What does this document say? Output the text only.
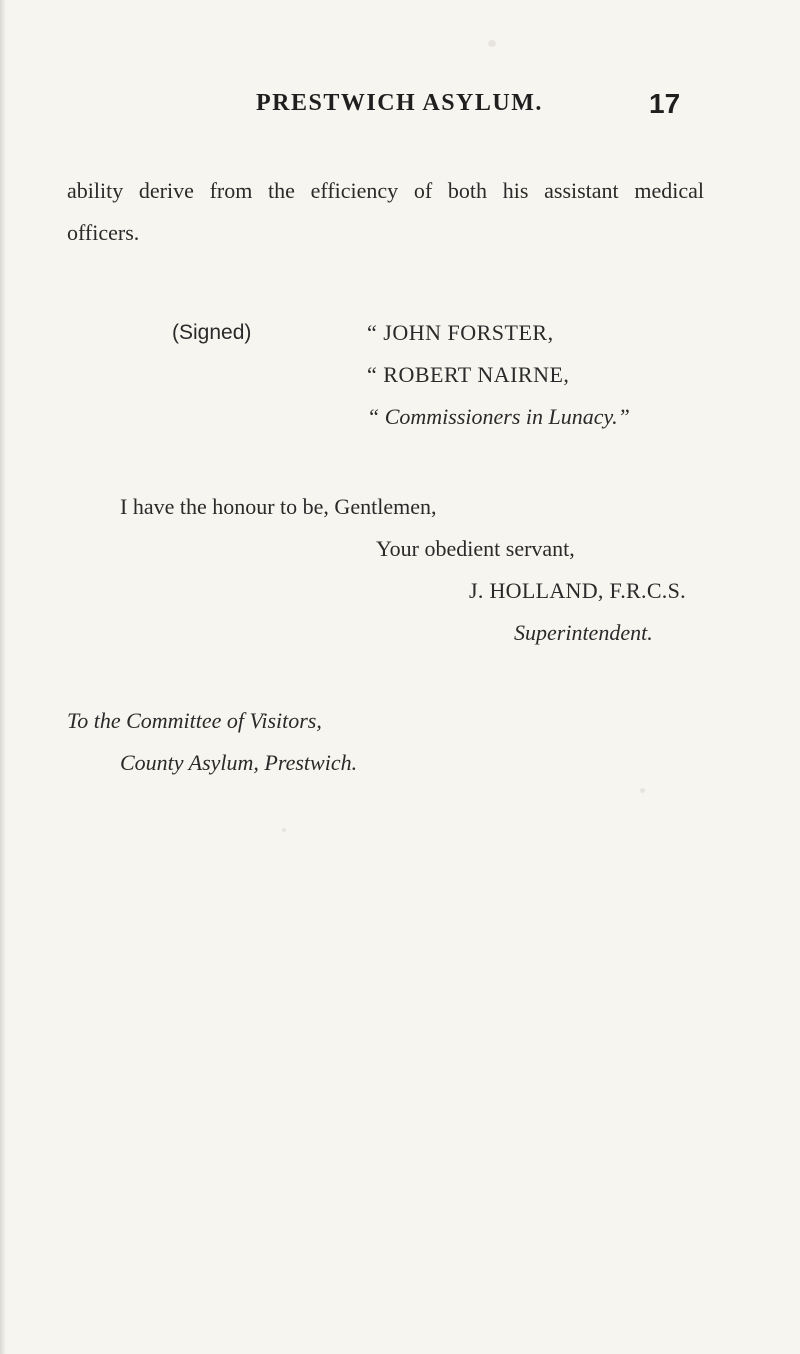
PRESTWICH ASYLUM.	17
ability derive from the efficiency of both his assistant medical
officers.
(Signed)	“ JOHN FORSTER,
“ ROBERT NAIRNE,
“ Commissioners in Lunacy.”
I have the honour to be, Gentlemen,
Your obedient servant,
J. HOLLAND, F.R.C.S.
Superintendent.
To the Committee of Visitors,
County Asylum, Prestwich.
